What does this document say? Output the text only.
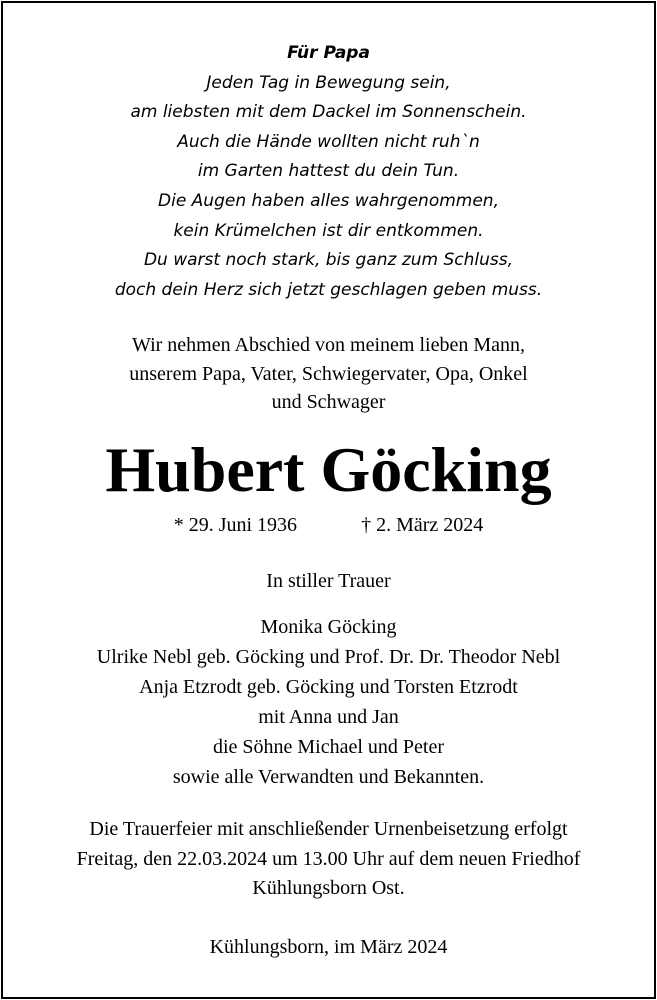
Für Papa
Jeden Tag in Bewegung sein,
am liebsten mit dem Dackel im Sonnenschein.
Auch die Hände wollten nicht ruh`n
im Garten hattest du dein Tun.
Die Augen haben alles wahrgenommen,
kein Krümelchen ist dir entkommen.
Du warst noch stark, bis ganz zum Schluss,
doch dein Herz sich jetzt geschlagen geben muss.
Wir nehmen Abschied von meinem lieben Mann,
unserem Papa, Vater, Schwiegervater, Opa, Onkel
und Schwager
Hubert Göcking
* 29. Juni 1936	† 2. März 2024
In stiller Trauer
Monika Göcking
Ulrike Nebl geb. Göcking und Prof. Dr. Dr. Theodor Nebl
Anja Etzrodt geb. Göcking und Torsten Etzrodt
mit Anna und Jan
die Söhne Michael und Peter
sowie alle Verwandten und Bekannten.
Die Trauerfeier mit anschließender Urnenbeisetzung erfolgt
Freitag, den 22.03.2024 um 13.00 Uhr auf dem neuen Friedhof
Kühlungsborn Ost.
Kühlungsborn, im März 2024
